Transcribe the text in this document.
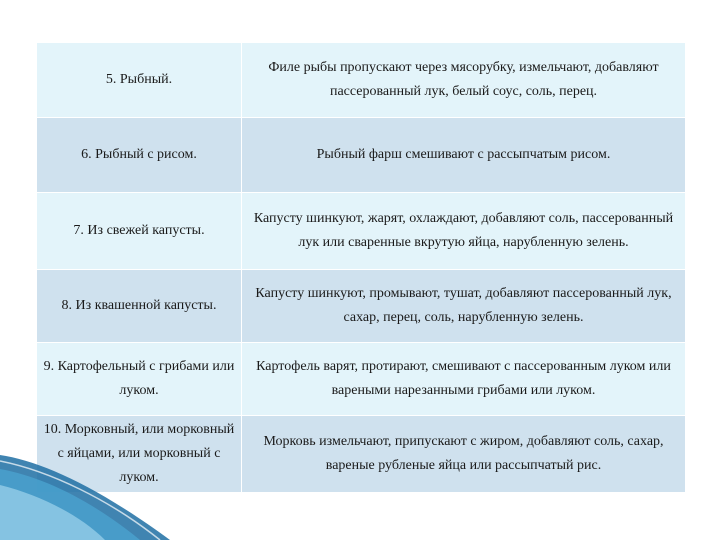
5. Рыбный.	Филе рыбы пропускают через мясорубку, измельчают, добавляют пассерованный лук, белый соус, соль, перец.
6. Рыбный с рисом.	Рыбный фарш смешивают с рассыпчатым рисом.
7. Из свежей капусты.	Капусту шинкуют, жарят, охлаждают, добавляют соль, пассерованный лук или сваренные вкрутую яйца, нарубленную зелень.
8. Из квашенной капусты.	Капусту шинкуют, промывают, тушат, добавляют пассерованный лук, сахар, перец, соль, нарубленную зелень.
9. Картофельный с грибами или луком.	Картофель варят, протирают, смешивают с пассерованным луком или вареными нарезанными грибами или луком.
10. Морковный, или морковный с яйцами, или морковный с луком.	Морковь измельчают, припускают с жиром, добавляют соль, сахар, вареные рубленые яйца или рассыпчатый рис.
